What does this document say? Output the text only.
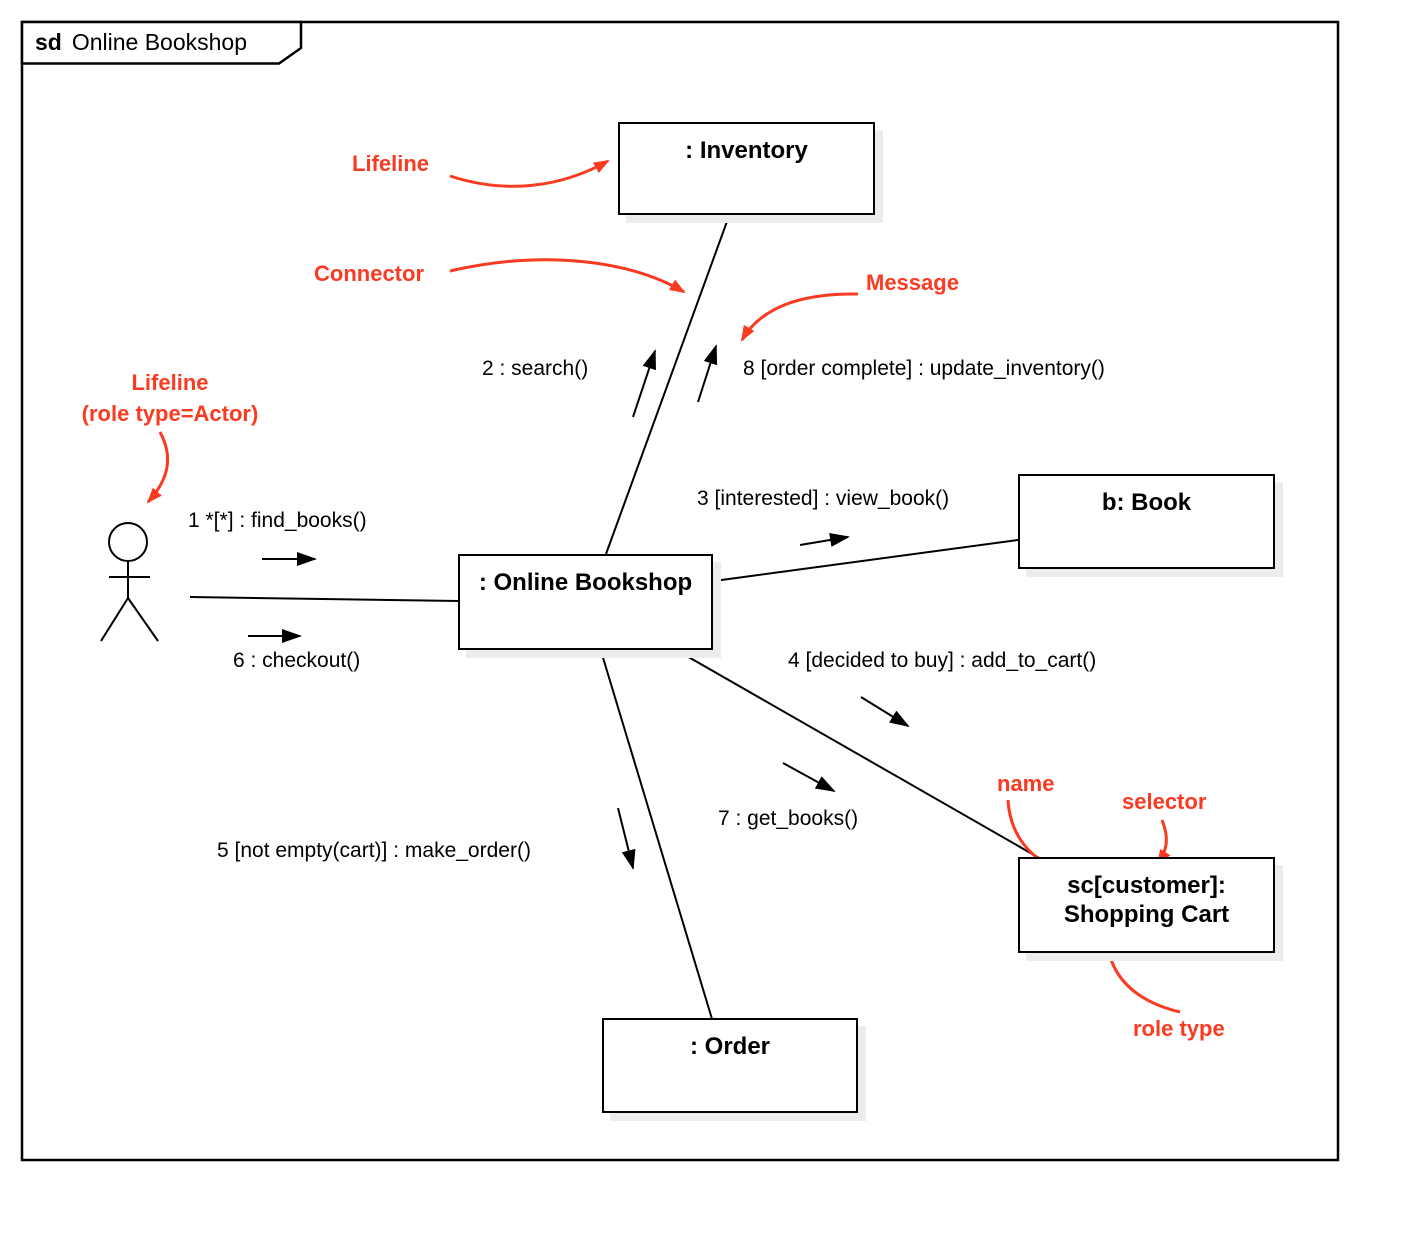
sd Online Bookshop
: Inventory
: Online Bookshop
b: Book
sc[customer]:
Shopping Cart
: Order
1 *[*] : find_books()
2 : search()
3 [interested] : view_book()
4 [decided to buy] : add_to_cart()
5 [not empty(cart)] : make_order()
6 : checkout()
7 : get_books()
8 [order complete] : update_inventory()
Lifeline
Connector	Message
Lifeline
(role type=Actor)
name
selector
role type
